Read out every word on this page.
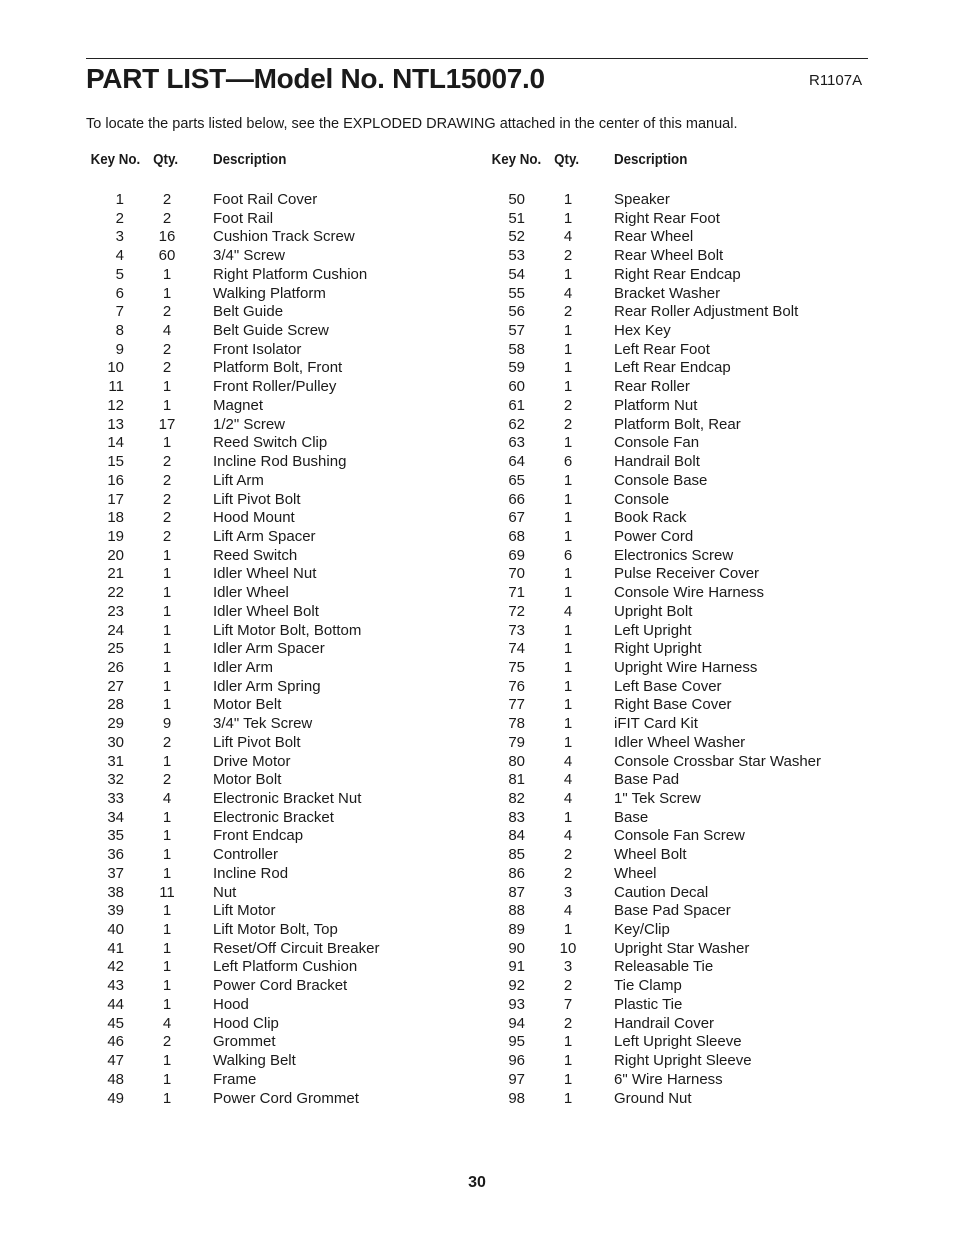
PART LIST—Model No. NTL15007.0	R1107A
To locate the parts listed below, see the EXPLODED DRAWING attached in the center of this manual.
Key No. Qty. Description
1	2	Foot Rail Cover
2	2	Foot Rail
3	16	Cushion Track Screw
4	60	3/4" Screw
5	1	Right Platform Cushion
6	1	Walking Platform
7	2	Belt Guide
8	4	Belt Guide Screw
9	2	Front Isolator
10	2	Platform Bolt, Front
11	1	Front Roller/Pulley
12	1	Magnet
13	17	1/2" Screw
14	1	Reed Switch Clip
15	2	Incline Rod Bushing
16	2	Lift Arm
17	2	Lift Pivot Bolt
18	2	Hood Mount
19	2	Lift Arm Spacer
20	1	Reed Switch
21	1	Idler Wheel Nut
22	1	Idler Wheel
23	1	Idler Wheel Bolt
24	1	Lift Motor Bolt, Bottom
25	1	Idler Arm Spacer
26	1	Idler Arm
27	1	Idler Arm Spring
28	1	Motor Belt
29	9	3/4" Tek Screw
30	2	Lift Pivot Bolt
31	1	Drive Motor
32	2	Motor Bolt
33	4	Electronic Bracket Nut
34	1	Electronic Bracket
35	1	Front Endcap
36	1	Controller
37	1	Incline Rod
38	11	Nut
39	1	Lift Motor
40	1	Lift Motor Bolt, Top
41	1	Reset/Off Circuit Breaker
42	1	Left Platform Cushion
43	1	Power Cord Bracket
44	1	Hood
45	4	Hood Clip
46	2	Grommet
47	1	Walking Belt
48	1	Frame
49	1	Power Cord Grommet
Key No. Qty. Description
50	1	Speaker
51	1	Right Rear Foot
52	4	Rear Wheel
53	2	Rear Wheel Bolt
54	1	Right Rear Endcap
55	4	Bracket Washer
56	2	Rear Roller Adjustment Bolt
57	1	Hex Key
58	1	Left Rear Foot
59	1	Left Rear Endcap
60	1	Rear Roller
61	2	Platform Nut
62	2	Platform Bolt, Rear
63	1	Console Fan
64	6	Handrail Bolt
65	1	Console Base
66	1	Console
67	1	Book Rack
68	1	Power Cord
69	6	Electronics Screw
70	1	Pulse Receiver Cover
71	1	Console Wire Harness
72	4	Upright Bolt
73	1	Left Upright
74	1	Right Upright
75	1	Upright Wire Harness
76	1	Left Base Cover
77	1	Right Base Cover
78	1	iFIT Card Kit
79	1	Idler Wheel Washer
80	4	Console Crossbar Star Washer
81	4	Base Pad
82	4	1" Tek Screw
83	1	Base
84	4	Console Fan Screw
85	2	Wheel Bolt
86	2	Wheel
87	3	Caution Decal
88	4	Base Pad Spacer
89	1	Key/Clip
90	10	Upright Star Washer
91	3	Releasable Tie
92	2	Tie Clamp
93	7	Plastic Tie
94	2	Handrail Cover
95	1	Left Upright Sleeve
96	1	Right Upright Sleeve
97	1	6" Wire Harness
98	1	Ground Nut
30
